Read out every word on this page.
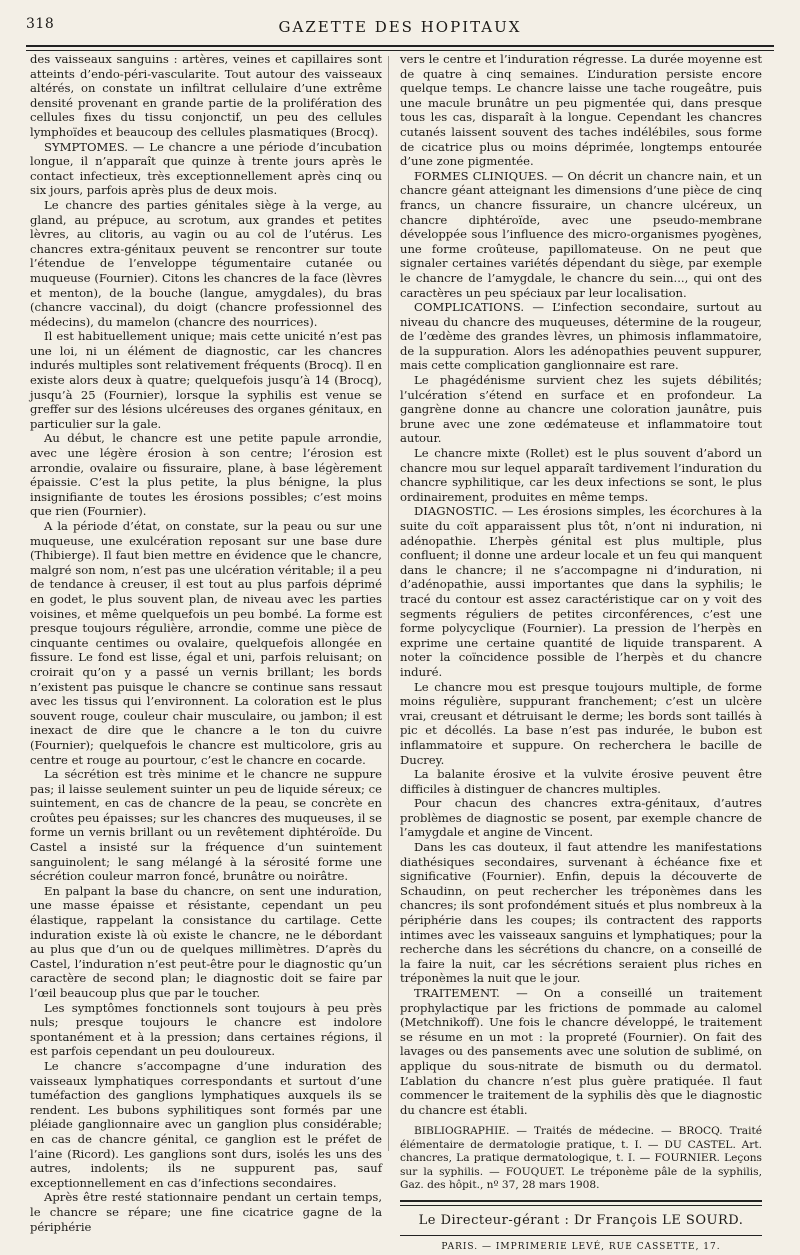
318	GAZETTE DES HOPITAUX

des vaisseaux sanguins : artères, veines et capillaires sont atteints d’endo-péri-vascularite. Tout autour des vaisseaux altérés, on constate un infiltrat cellulaire d’une extrême densité provenant en grande partie de la prolifération des cellules fixes du tissu conjonctif, un peu des cellules lymphoïdes et beaucoup des cellules plasmatiques (Brocq).

SYMPTOMES. — Le chancre a une période d’incubation longue, il n’apparaît que quinze à trente jours après le contact infectieux, très exceptionnellement après cinq ou six jours, parfois après plus de deux mois.

Le chancre des parties génitales siège à la verge, au gland, au prépuce, au scrotum, aux grandes et petites lèvres, au clitoris, au vagin ou au col de l’utérus. Les chancres extra-génitaux peuvent se rencontrer sur toute l’étendue de l’enveloppe tégumentaire cutanée ou muqueuse (Fournier). Citons les chancres de la face (lèvres et menton), de la bouche (langue, amygdales), du bras (chancre vaccinal), du doigt (chancre professionnel des médecins), du mamelon (chancre des nourrices).

Il est habituellement unique; mais cette unicité n’est pas une loi, ni un élément de diagnostic, car les chancres indurés multiples sont relativement fréquents (Brocq). Il en existe alors deux à quatre; quelquefois jusqu’à 14 (Brocq), jusqu’à 25 (Fournier), lorsque la syphilis est venue se greffer sur des lésions ulcéreuses des organes génitaux, en particulier sur la gale.

Au début, le chancre est une petite papule arrondie, avec une légère érosion à son centre; l’érosion est arrondie, ovalaire ou fissuraire, plane, à base légèrement épaissie. C’est la plus petite, la plus bénigne, la plus insignifiante de toutes les érosions possibles; c’est moins que rien (Fournier).

A la période d’état, on constate, sur la peau ou sur une muqueuse, une exulcération reposant sur une base dure (Thibierge). Il faut bien mettre en évidence que le chancre, malgré son nom, n’est pas une ulcération véritable; il a peu de tendance à creuser, il est tout au plus parfois déprimé en godet, le plus souvent plan, de niveau avec les parties voisines, et même quelquefois un peu bombé. La forme est presque toujours régulière, arrondie, comme une pièce de cinquante centimes ou ovalaire, quelquefois allongée en fissure. Le fond est lisse, égal et uni, parfois reluisant; on croirait qu’on y a passé un vernis brillant; les bords n’existent pas puisque le chancre se continue sans ressaut avec les tissus qui l’environnent. La coloration est le plus souvent rouge, couleur chair musculaire, ou jambon; il est inexact de dire que le chancre a le ton du cuivre (Fournier); quelquefois le chancre est multicolore, gris au centre et rouge au pourtour, c’est le chancre en cocarde.

La sécrétion est très minime et le chancre ne suppure pas; il laisse seulement suinter un peu de liquide séreux; ce suintement, en cas de chancre de la peau, se concrète en croûtes peu épaisses; sur les chancres des muqueuses, il se forme un vernis brillant ou un revêtement diphtéroïde. Du Castel a insisté sur la fréquence d’un suintement sanguinolent; le sang mélangé à la sérosité forme une sécrétion couleur marron foncé, brunâtre ou noirâtre.

En palpant la base du chancre, on sent une induration, une masse épaisse et résistante, cependant un peu élastique, rappelant la consistance du cartilage. Cette induration existe là où existe le chancre, ne le débordant au plus que d’un ou de quelques millimètres. D’après du Castel, l’induration n’est peut-être pour le diagnostic qu’un caractère de second plan; le diagnostic doit se faire par l’œil beaucoup plus que par le toucher.

Les symptômes fonctionnels sont toujours à peu près nuls; presque toujours le chancre est indolore spontanément et à la pression; dans certaines régions, il est parfois cependant un peu douloureux.

Le chancre s’accompagne d’une induration des vaisseaux lymphatiques correspondants et surtout d’une tuméfaction des ganglions lymphatiques auxquels ils se rendent. Les bubons syphilitiques sont formés par une pléiade ganglionnaire avec un ganglion plus considérable; en cas de chancre génital, ce ganglion est le préfet de l’aine (Ricord). Les ganglions sont durs, isolés les uns des autres, indolents; ils ne suppurent pas, sauf exceptionnellement en cas d’infections secondaires.

Après être resté stationnaire pendant un certain temps, le chancre se répare; une fine cicatrice gagne de la périphérie

vers le centre et l’induration régresse. La durée moyenne est de quatre à cinq semaines. L’induration persiste encore quelque temps. Le chancre laisse une tache rougeâtre, puis une macule brunâtre un peu pigmentée qui, dans presque tous les cas, disparaît à la longue. Cependant les chancres cutanés laissent souvent des taches indélébiles, sous forme de cicatrice plus ou moins déprimée, longtemps entourée d’une zone pigmentée.

FORMES CLINIQUES. — On décrit un chancre nain, et un chancre géant atteignant les dimensions d’une pièce de cinq francs, un chancre fissuraire, un chancre ulcéreux, un chancre diphtéroïde, avec une pseudo-membrane développée sous l’influence des micro-organismes pyogènes, une forme croûteuse, papillomateuse. On ne peut que signaler certaines variétés dépendant du siège, par exemple le chancre de l’amygdale, le chancre du sein..., qui ont des caractères un peu spéciaux par leur localisation.

COMPLICATIONS. — L’infection secondaire, surtout au niveau du chancre des muqueuses, détermine de la rougeur, de l’œdème des grandes lèvres, un phimosis inflammatoire, de la suppuration. Alors les adénopathies peuvent suppurer, mais cette complication ganglionnaire est rare.

Le phagédénisme survient chez les sujets débilités; l’ulcération s’étend en surface et en profondeur. La gangrène donne au chancre une coloration jaunâtre, puis brune avec une zone œdémateuse et inflammatoire tout autour.

Le chancre mixte (Rollet) est le plus souvent d’abord un chancre mou sur lequel apparaît tardivement l’induration du chancre syphilitique, car les deux infections se sont, le plus ordinairement, produites en même temps.

DIAGNOSTIC. — Les érosions simples, les écorchures à la suite du coït apparaissent plus tôt, n’ont ni induration, ni adénopathie. L’herpès génital est plus multiple, plus confluent; il donne une ardeur locale et un feu qui manquent dans le chancre; il ne s’accompagne ni d’induration, ni d’adénopathie, aussi importantes que dans la syphilis; le tracé du contour est assez caractéristique car on y voit des segments réguliers de petites circonférences, c’est une forme polycyclique (Fournier). La pression de l’herpès en exprime une certaine quantité de liquide transparent. A noter la coïncidence possible de l’herpès et du chancre induré.

Le chancre mou est presque toujours multiple, de forme moins régulière, suppurant franchement; c’est un ulcère vrai, creusant et détruisant le derme; les bords sont taillés à pic et décollés. La base n’est pas indurée, le bubon est inflammatoire et suppure. On recherchera le bacille de Ducrey.

La balanite érosive et la vulvite érosive peuvent être difficiles à distinguer de chancres multiples.

Pour chacun des chancres extra-génitaux, d’autres problèmes de diagnostic se posent, par exemple chancre de l’amygdale et angine de Vincent.

Dans les cas douteux, il faut attendre les manifestations diathésiques secondaires, survenant à échéance fixe et significative (Fournier). Enfin, depuis la découverte de Schaudinn, on peut rechercher les tréponèmes dans les chancres; ils sont profondément situés et plus nombreux à la périphérie dans les coupes; ils contractent des rapports intimes avec les vaisseaux sanguins et lymphatiques; pour la recherche dans les sécrétions du chancre, on a conseillé de la faire la nuit, car les sécrétions seraient plus riches en tréponèmes la nuit que le jour.

TRAITEMENT. — On a conseillé un traitement prophylactique par les frictions de pommade au calomel (Metchnikoff). Une fois le chancre développé, le traitement se résume en un mot : la propreté (Fournier). On fait des lavages ou des pansements avec une solution de sublimé, on applique du sous-nitrate de bismuth ou du dermatol. L’ablation du chancre n’est plus guère pratiquée. Il faut commencer le traitement de la syphilis dès que le diagnostic du chancre est établi.

BIBLIOGRAPHIE. — Traités de médecine. — BROCQ. Traité élémentaire de dermatologie pratique, t. I. — DU CASTEL. Art. chancres, La pratique dermatologique, t. I. — FOURNIER. Leçons sur la syphilis. — FOUQUET. Le tréponème pâle de la syphilis, Gaz. des hôpit., nº 37, 28 mars 1908.

Le Directeur-gérant : Dr François LE SOURD.
PARIS. — IMPRIMERIE LEVÉ, RUE CASSETTE, 17.
